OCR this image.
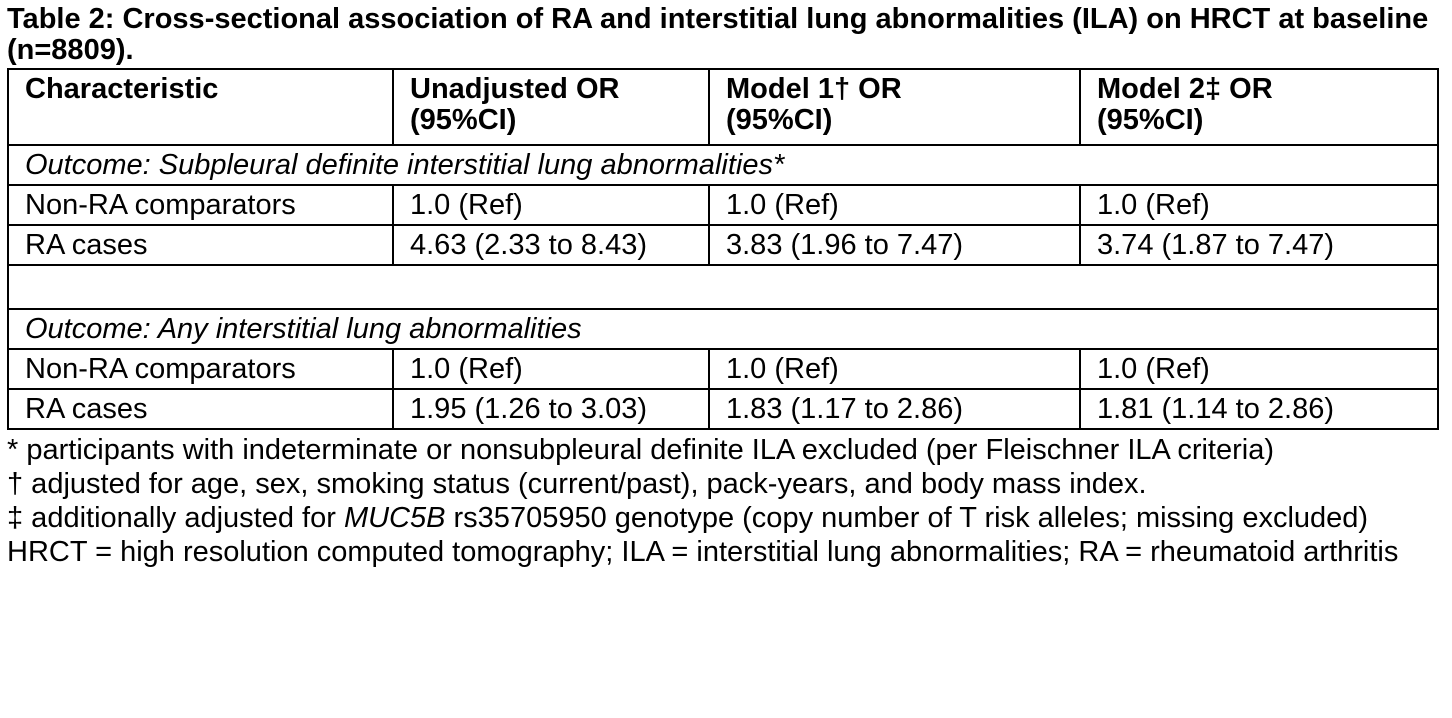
Table 2: Cross-sectional association of RA and interstitial lung abnormalities (ILA) on HRCT at baseline (n=8809).

Characteristic	Unadjusted OR (95%CI)	Model 1† OR (95%CI)	Model 2‡ OR (95%CI)
Outcome: Subpleural definite interstitial lung abnormalities*			
Non-RA comparators	1.0 (Ref)	1.0 (Ref)	1.0 (Ref)
RA cases	4.63 (2.33 to 8.43)	3.83 (1.96 to 7.47)	3.74 (1.87 to 7.47)

Outcome: Any interstitial lung abnormalities			
Non-RA comparators	1.0 (Ref)	1.0 (Ref)	1.0 (Ref)
RA cases	1.95 (1.26 to 3.03)	1.83 (1.17 to 2.86)	1.81 (1.14 to 2.86)

* participants with indeterminate or nonsubpleural definite ILA excluded (per Fleischner ILA criteria)

† adjusted for age, sex, smoking status (current/past), pack-years, and body mass index.

‡ additionally adjusted for MUC5B rs35705950 genotype (copy number of T risk alleles; missing excluded)

HRCT = high resolution computed tomography; ILA = interstitial lung abnormalities; RA = rheumatoid arthritis
